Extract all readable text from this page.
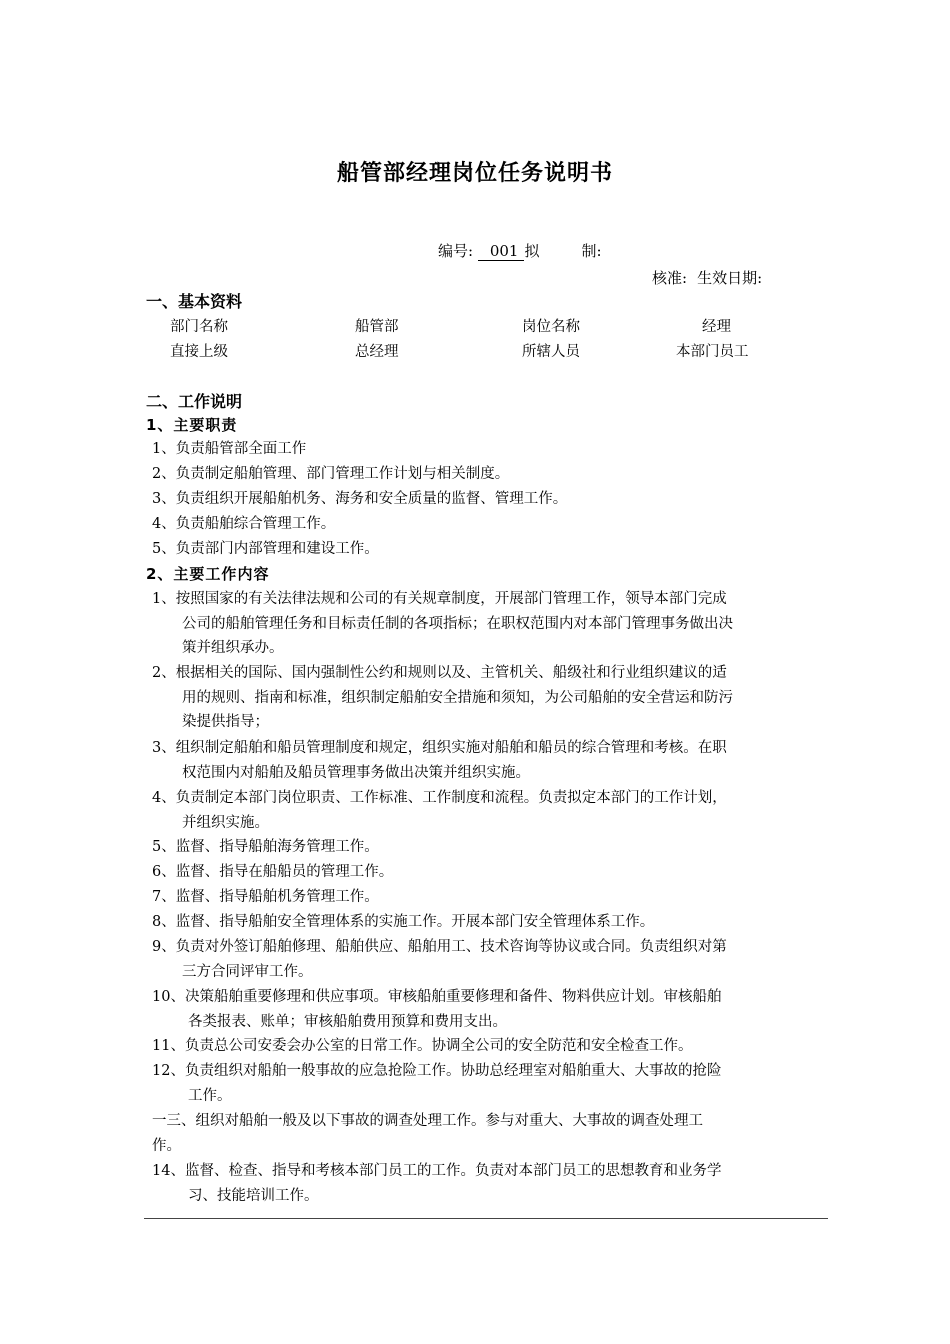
船管部经理岗位任务说明书
编号: 001 拟	制:
核准: 生效日期:
一、基本资料
部门名称	船管部	岗位名称	经理
直接上级	总经理	所辖人员	本部门员工
二、工作说明
1、主要职责
1、负责船管部全面工作
2、负责制定船舶管理、部门管理工作计划与相关制度。
3、负责组织开展船舶机务、海务和安全质量的监督、管理工作。
4、负责船舶综合管理工作。
5、负责部门内部管理和建设工作。
2、主要工作内容
1、按照国家的有关法律法规和公司的有关规章制度，开展部门管理工作，领导本部门完成
公司的船舶管理任务和目标责任制的各项指标；在职权范围内对本部门管理事务做出决
策并组织承办。
2、根据相关的国际、国内强制性公约和规则以及、主管机关、船级社和行业组织建议的适
用的规则、指南和标准，组织制定船舶安全措施和须知，为公司船舶的安全营运和防污
染提供指导；
3、组织制定船舶和船员管理制度和规定，组织实施对船舶和船员的综合管理和考核。在职
权范围内对船舶及船员管理事务做出决策并组织实施。
4、负责制定本部门岗位职责、工作标准、工作制度和流程。负责拟定本部门的工作计划，
并组织实施。
5、监督、指导船舶海务管理工作。
6、监督、指导在船船员的管理工作。
7、监督、指导船舶机务管理工作。
8、监督、指导船舶安全管理体系的实施工作。开展本部门安全管理体系工作。
9、负责对外签订船舶修理、船舶供应、船舶用工、技术咨询等协议或合同。负责组织对第
三方合同评审工作。
10、决策船舶重要修理和供应事项。审核船舶重要修理和备件、物料供应计划。审核船舶
各类报表、账单；审核船舶费用预算和费用支出。
11、负责总公司安委会办公室的日常工作。协调全公司的安全防范和安全检查工作。
12、负责组织对船舶一般事故的应急抢险工作。协助总经理室对船舶重大、大事故的抢险
工作。
一三、组织对船舶一般及以下事故的调查处理工作。参与对重大、大事故的调查处理工
作。
14、监督、检查、指导和考核本部门员工的工作。负责对本部门员工的思想教育和业务学
习、技能培训工作。
